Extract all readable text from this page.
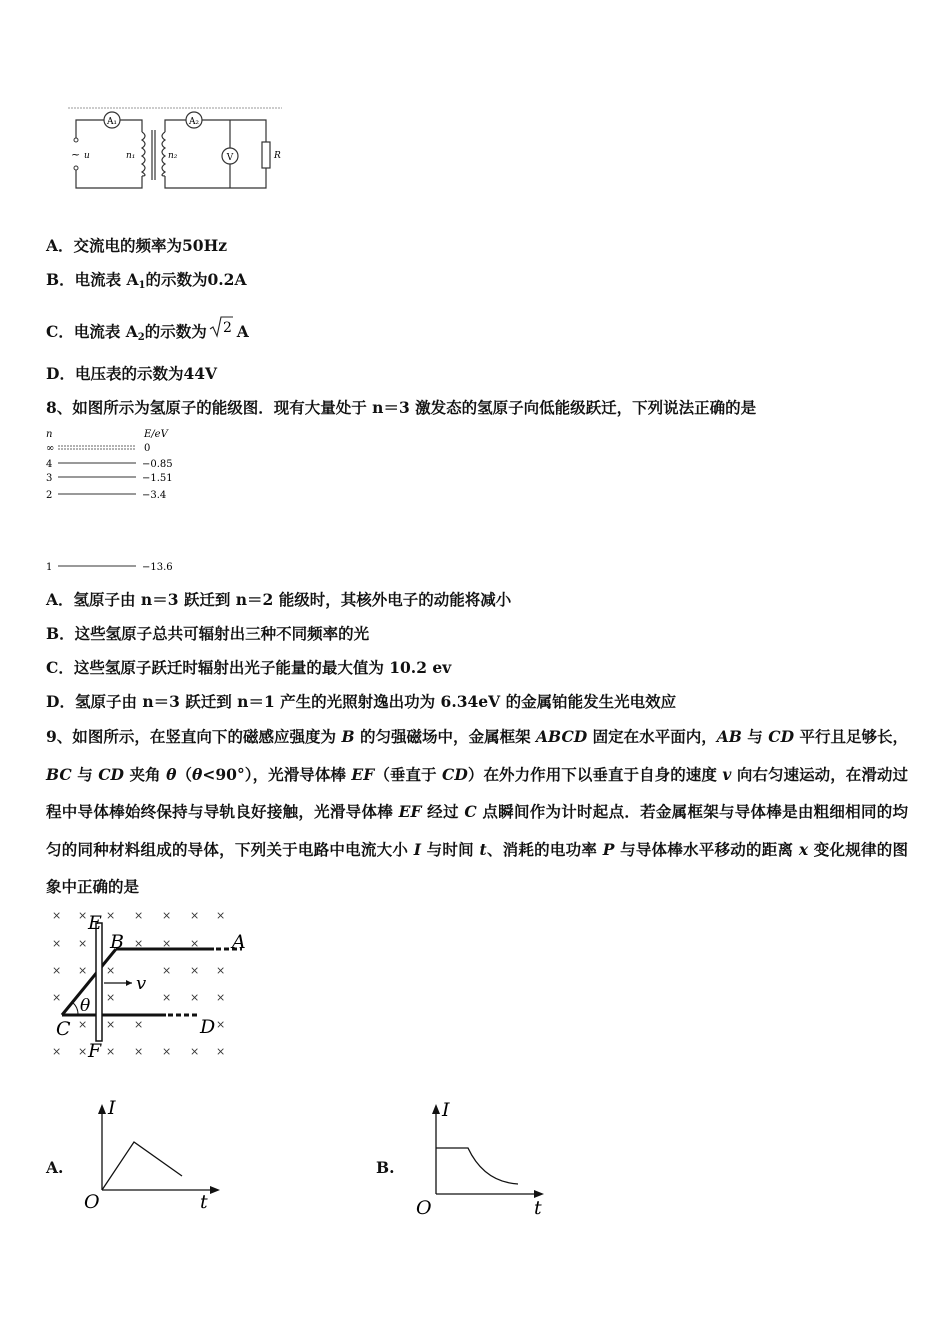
A₁
~ u	n₁	n₂
A₂
V	R
A．交流电的频率为50Hz
B．电流表 $A_1$的示数为0.2A
C．电流表 $A_2$的示数为 2 A
D．电压表的示数为44V
8、如图所示为氢原子的能级图．现有大量处于 n＝3 激发态的氢原子向低能级跃迁，下列说法正确的是
n	E/eV
∞	0
4	−0.85
3	−1.51
2	−3.4
1	−13.6
A．氢原子由 n＝3 跃迁到 n＝2 能级时，其核外电子的动能将减小
B．这些氢原子总共可辐射出三种不同频率的光
C．这些氢原子跃迁时辐射出光子能量的最大值为 10.2 ev
D．氢原子由 n＝3 跃迁到 n＝1 产生的光照射逸出功为 6.34eV 的金属铂能发生光电效应
9、如图所示，在竖直向下的磁感应强度为 B 的匀强磁场中，金属框架 ABCD 固定在水平面内，AB 与 CD 平行且足够长，BC 与 CD 夹角 θ（θ<90°），光滑导体棒 EF（垂直于 CD）在外力作用下以垂直于自身的速度 v 向右匀速运动，在滑动过程中导体棒始终保持与导轨良好接触，光滑导体棒 EF 经过 C 点瞬间作为计时起点．若金属框架与导体棒是由粗细相同的均匀的同种材料组成的导体，下列关于电路中电流大小 I 与时间 t、消耗的电功率 P 与导体棒水平移动的距离 x 变化规律的图象中正确的是
× × × × × × ×
× ×	× × ×
× × ×	× × ×
×	×	× × ×
× × ×	×
× × × × × × ×
E
B	A
v
θ
C	D
F
A.
I
t
O
B.
I
t
O
